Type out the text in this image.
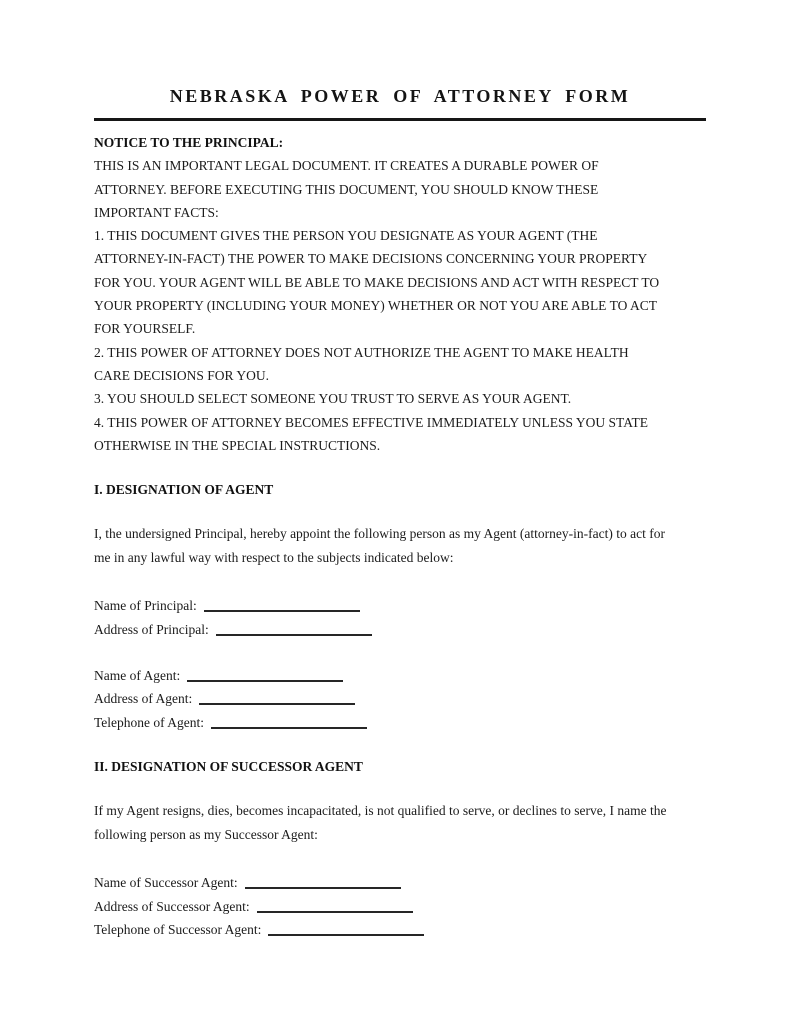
NEBRASKA POWER OF ATTORNEY FORM
NOTICE TO THE PRINCIPAL:
THIS IS AN IMPORTANT LEGAL DOCUMENT. IT CREATES A DURABLE POWER OF
ATTORNEY. BEFORE EXECUTING THIS DOCUMENT, YOU SHOULD KNOW THESE
IMPORTANT FACTS:
1. THIS DOCUMENT GIVES THE PERSON YOU DESIGNATE AS YOUR AGENT (THE
ATTORNEY-IN-FACT) THE POWER TO MAKE DECISIONS CONCERNING YOUR PROPERTY
FOR YOU. YOUR AGENT WILL BE ABLE TO MAKE DECISIONS AND ACT WITH RESPECT TO
YOUR PROPERTY (INCLUDING YOUR MONEY) WHETHER OR NOT YOU ARE ABLE TO ACT
FOR YOURSELF.
2. THIS POWER OF ATTORNEY DOES NOT AUTHORIZE THE AGENT TO MAKE HEALTH
CARE DECISIONS FOR YOU.
3. YOU SHOULD SELECT SOMEONE YOU TRUST TO SERVE AS YOUR AGENT.
4. THIS POWER OF ATTORNEY BECOMES EFFECTIVE IMMEDIATELY UNLESS YOU STATE
OTHERWISE IN THE SPECIAL INSTRUCTIONS.
I. DESIGNATION OF AGENT
I, the undersigned Principal, hereby appoint the following person as my Agent (attorney-in-fact) to act for
me in any lawful way with respect to the subjects indicated below:
Name of Principal:
Address of Principal:
Name of Agent:
Address of Agent:
Telephone of Agent:
II. DESIGNATION OF SUCCESSOR AGENT
If my Agent resigns, dies, becomes incapacitated, is not qualified to serve, or declines to serve, I name the
following person as my Successor Agent:
Name of Successor Agent:
Address of Successor Agent:
Telephone of Successor Agent:
